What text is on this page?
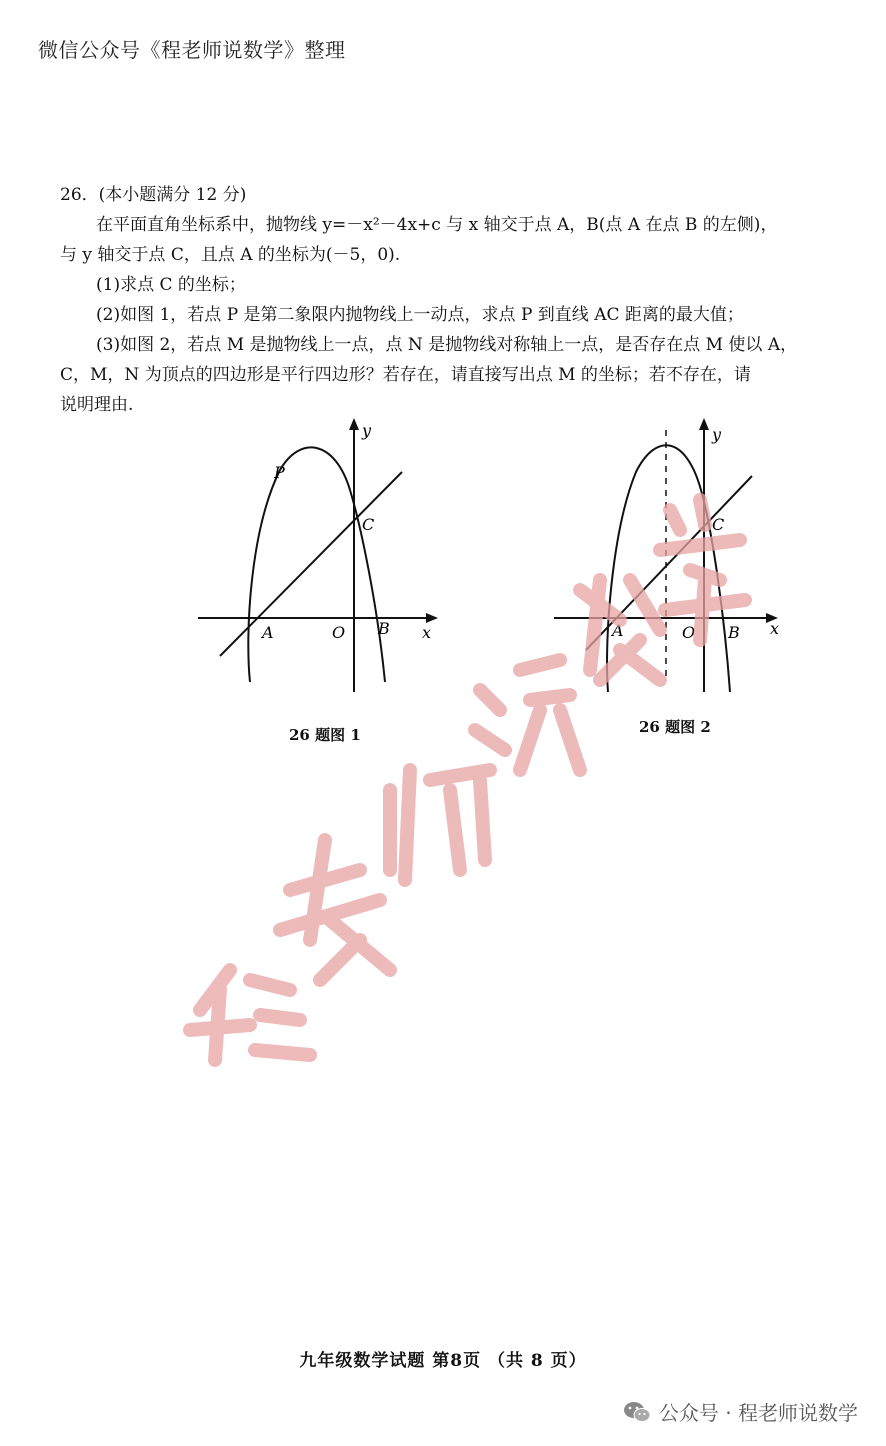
微信公众号《程老师说数学》整理

26．(本小题满分 12 分)

在平面直角坐标系中，抛物线 y=－x²－4x+c 与 x 轴交于点 A，B(点 A 在点 B 的左侧)，

与 y 轴交于点 C，且点 A 的坐标为(－5，0).

(1)求点 C 的坐标；

(2)如图 1，若点 P 是第二象限内抛物线上一动点，求点 P 到直线 AC 距离的最大值；

(3)如图 2，若点 M 是抛物线上一点，点 N 是抛物线对称轴上一点，是否存在点 M 使以 A，

C，M，N 为顶点的四边形是平行四边形？若存在，请直接写出点 M 的坐标；若不存在，请

说明理由.

y
x
P
C
A	O B
26 题图 1
y
x
C
A	O B
26 题图 2
九年级数学试题 第8页 （共 8 页）
公众号 · 程老师说数学
